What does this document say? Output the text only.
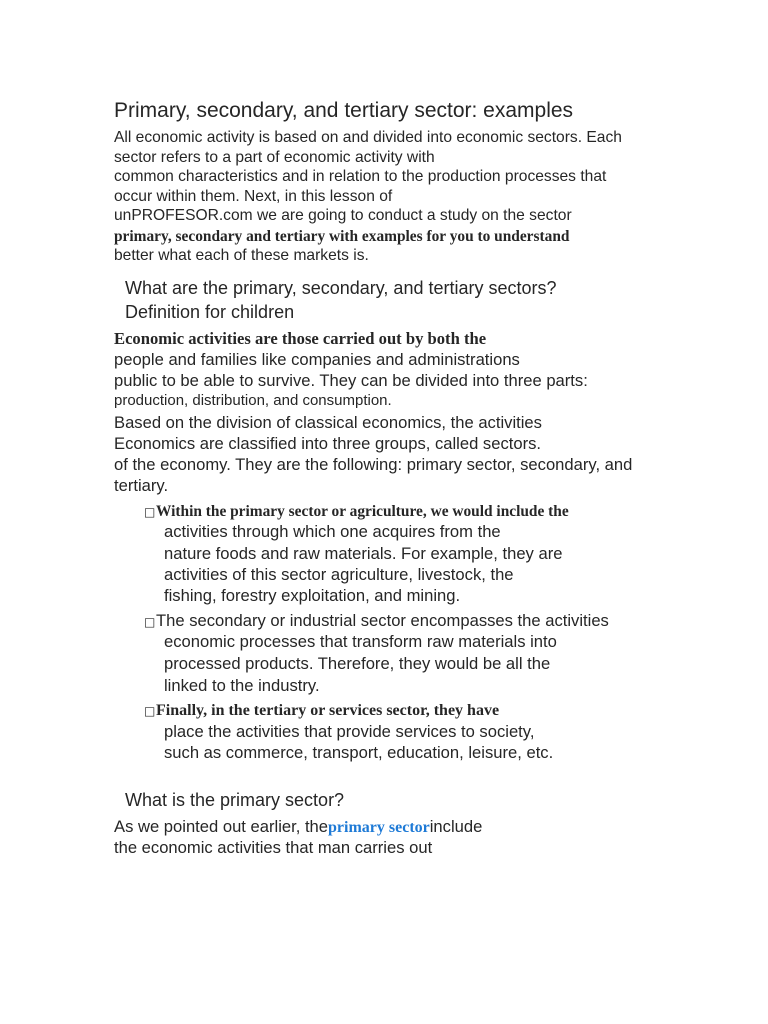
Primary, secondary, and tertiary sector: examples
All economic activity is based on and divided into economic sectors. Each
sector refers to a part of economic activity with
common characteristics and in relation to the production processes that
occur within them. Next, in this lesson of
unPROFESOR.com we are going to conduct a study on the sector
primary, secondary and tertiary with examples for you to understand
better what each of these markets is.
What are the primary, secondary, and tertiary sectors?
Definition for children
Economic activities are those carried out by both the
people and families like companies and administrations
public to be able to survive. They can be divided into three parts:
production, distribution, and consumption.
Based on the division of classical economics, the activities
Economics are classified into three groups, called sectors.
of the economy. They are the following: primary sector, secondary, and
tertiary.
□Within the primary sector or agriculture, we would include the
activities through which one acquires from the
nature foods and raw materials. For example, they are
activities of this sector agriculture, livestock, the
fishing, forestry exploitation, and mining.
□The secondary or industrial sector encompasses the activities
economic processes that transform raw materials into
processed products. Therefore, they would be all the
linked to the industry.
□Finally, in the tertiary or services sector, they have
place the activities that provide services to society,
such as commerce, transport, education, leisure, etc.
What is the primary sector?
As we pointed out earlier, theprimary sectorinclude
the economic activities that man carries out
